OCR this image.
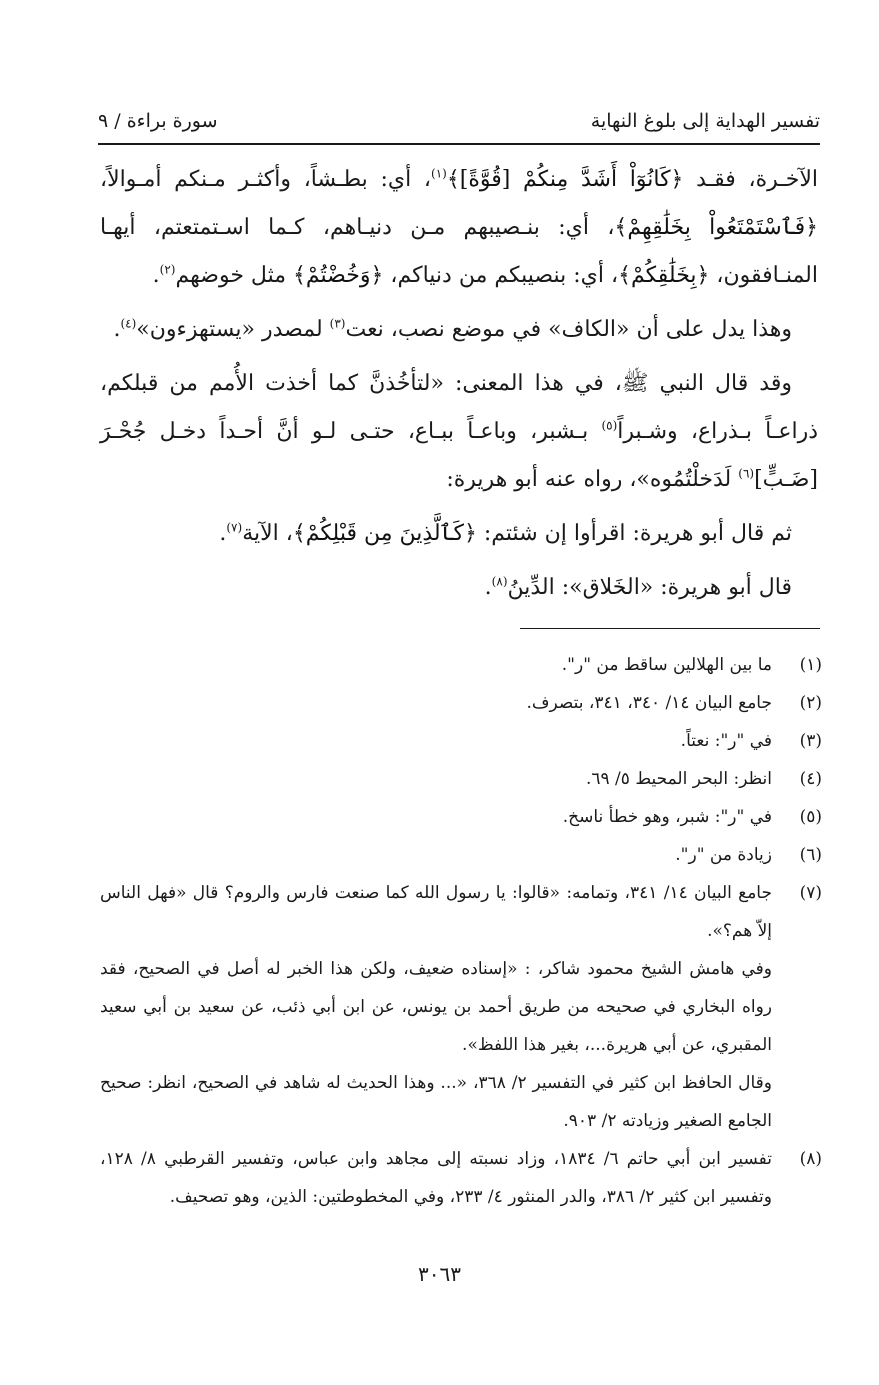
تفسير الهداية إلى بلوغ النهاية
سورة براءة / ٩

الآخـرة، فقـد ﴿كَانُوٓاْ أَشَدَّ مِنكُمْ [قُوَّةً]﴾$^{(١)}$، أي: بطـشاً، وأكثـر مـنكم أمـوالاً، ﴿فَٱسْتَمْتَعُواْ بِخَلَٰقِهِمْ﴾، أي: بنـصيبهم مـن دنيـاهم، كـما اسـتمتعتم، أيهـا المنـافقون، ﴿بِخَلَٰقِكُمْ﴾، أي: بنصيبكم من دنياكم، ﴿وَخُضْتُمْ﴾ مثل خوضهم$^{(٢)}$.

وهذا يدل على أن «الكاف» في موضع نصب، نعت$^{(٣)}$ لمصدر «يستهزءون»$^{(٤)}$.

وقد قال النبي ﷺ، في هذا المعنى: «لتأخُذنَّ كما أخذت الأُمم من قبلكم، ذراعـاً بـذراع، وشـبراً$^{(٥)}$ بـشبر، وباعـاً ببـاع، حتـى لـو أنَّ أحـداً دخـل جُحْـرَ [ضَـبٍّ]$^{(٦)}$ لَدَخلْتُمُوه»، رواه عنه أبو هريرة:

ثم قال أبو هريرة: اقرأوا إن شئتم: ﴿كَٱلَّذِينَ مِن قَبْلِكُمْ﴾، الآية$^{(٧)}$.

قال أبو هريرة: «الخَلاق»: الدِّينُ$^{(٨)}$.

(١)

ما بين الهلالين ساقط من "ر".

(٢)

جامع البيان ١٤/ ٣٤٠، ٣٤١، بتصرف.

(٣)

في "ر": نعتاً.

(٤)

انظر: البحر المحيط ٥/ ٦٩.

(٥)

في "ر": شبر، وهو خطأ ناسخ.

(٦)

زيادة من "ر".

(٧)

جامع البيان ١٤/ ٣٤١، وتمامه: «قالوا: يا رسول الله كما صنعت فارس والروم؟ قال «فهل الناس إلاّ هم؟».

وفي هامش الشيخ محمود شاكر، : «إسناده ضعيف، ولكن هذا الخبر له أصل في الصحيح، فقد رواه البخاري في صحيحه من طريق أحمد بن يونس، عن ابن أبي ذئب، عن سعيد بن أبي سعيد المقبري، عن أبي هريرة...، بغير هذا اللفظ».

وقال الحافظ ابن كثير في التفسير ٢/ ٣٦٨، «... وهذا الحديث له شاهد في الصحيح، انظر: صحيح الجامع الصغير وزيادته ٢/ ٩٠٣.

(٨)

تفسير ابن أبي حاتم ٦/ ١٨٣٤، وزاد نسبته إلى مجاهد وابن عباس، وتفسير القرطبي ٨/ ١٢٨، وتفسير ابن كثير ٢/ ٣٨٦، والدر المنثور ٤/ ٢٣٣، وفي المخطوطتين: الذين، وهو تصحيف.

٣٠٦٣
